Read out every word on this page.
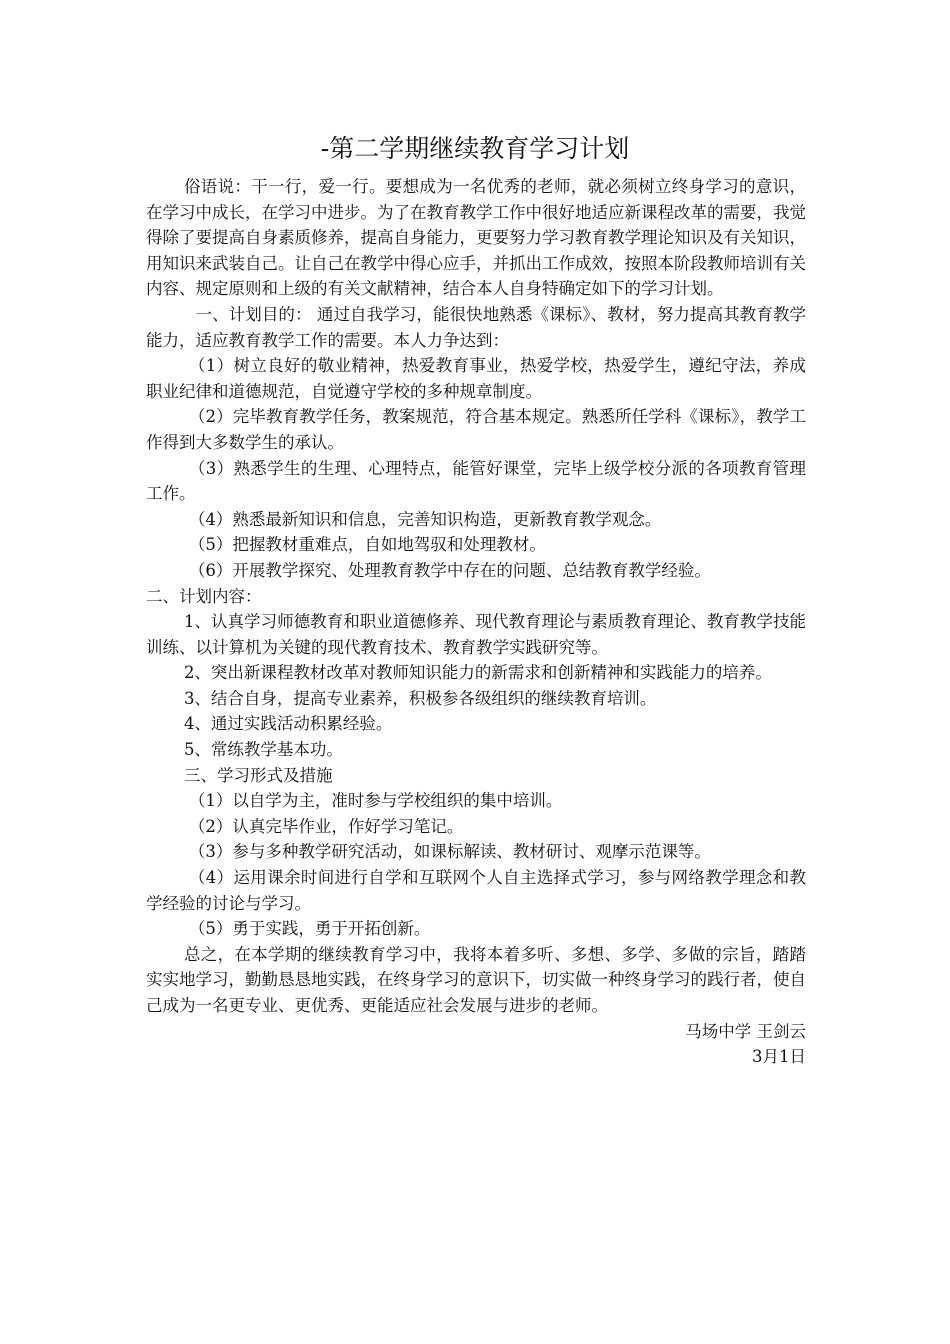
-第二学期继续教育学习计划

俗语说：干一行，爱一行。要想成为一名优秀的老师，就必须树立终身学习的意识，在学习中成长，在学习中进步。为了在教育教学工作中很好地适应新课程改革的需要，我觉得除了要提高自身素质修养，提高自身能力，更要努力学习教育教学理论知识及有关知识，用知识来武装自己。让自己在教学中得心应手，并抓出工作成效，按照本阶段教师培训有关内容、规定原则和上级的有关文献精神，结合本人自身特确定如下的学习计划。

一、计划目的： 通过自我学习，能很快地熟悉《课标》、教材，努力提高其教育教学能力，适应教育教学工作的需要。本人力争达到：

（1）树立良好的敬业精神，热爱教育事业，热爱学校，热爱学生，遵纪守法，养成职业纪律和道德规范，自觉遵守学校的多种规章制度。

（2）完毕教育教学任务，教案规范，符合基本规定。熟悉所任学科《课标》，教学工作得到大多数学生的承认。

（3）熟悉学生的生理、心理特点，能管好课堂，完毕上级学校分派的各项教育管理工作。

（4）熟悉最新知识和信息，完善知识构造，更新教育教学观念。

（5）把握教材重难点，自如地驾驭和处理教材。

（6）开展教学探究、处理教育教学中存在的问题、总结教育教学经验。

二、计划内容：

1、认真学习师德教育和职业道德修养、现代教育理论与素质教育理论、教育教学技能训练、以计算机为关键的现代教育技术、教育教学实践研究等。

2、突出新课程教材改革对教师知识能力的新需求和创新精神和实践能力的培养。

3、结合自身，提高专业素养，积极参各级组织的继续教育培训。

4、通过实践活动积累经验。

5、常练教学基本功。

三、学习形式及措施

（1）以自学为主，准时参与学校组织的集中培训。

（2）认真完毕作业，作好学习笔记。

（3）参与多种教学研究活动，如课标解读、教材研讨、观摩示范课等。

（4）运用课余时间进行自学和互联网个人自主选择式学习，参与网络教学理念和教学经验的讨论与学习。

（5）勇于实践，勇于开拓创新。

总之，在本学期的继续教育学习中，我将本着多听、多想、多学、多做的宗旨，踏踏实实地学习，勤勤恳恳地实践，在终身学习的意识下，切实做一种终身学习的践行者，使自己成为一名更专业、更优秀、更能适应社会发展与进步的老师。

马场中学 王剑云

3月1日
